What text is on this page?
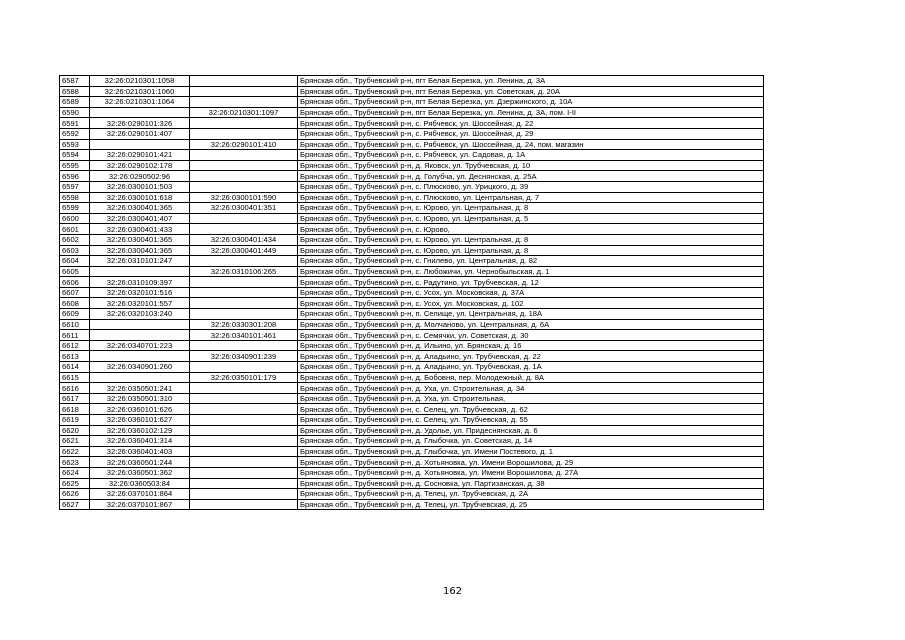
6587	32:26:0210301:1058		Брянская обл., Трубчевский р-н, пгт Белая Березка, ул. Ленина, д. 3А
6588	32:26:0210301:1060		Брянская обл., Трубчевский р-н, пгт Белая Березка, ул. Советская, д. 20А
6589	32:26:0210301:1064		Брянская обл., Трубчевский р-н, пгт Белая Березка, ул. Дзержинского, д. 10А
6590		32:26:0210301:1097	Брянская обл., Трубчевский р-н, пгт Белая Березка, ул. Ленина, д. 3А, пом. I-II
6591	32:26:0290101:326		Брянская обл., Трубчевский р-н, с. Рябчевск, ул. Шоссейная, д. 22
6592	32:26:0290101:407		Брянская обл., Трубчевский р-н, с. Рябчевск, ул. Шоссейная, д. 29
6593		32:26:0290101:410	Брянская обл., Трубчевский р-н, с. Рябчевск, ул. Шоссейная, д. 24, пом. магазин
6594	32:26:0290101:421		Брянская обл., Трубчевский р-н, с. Рябчевск, ул. Садовая, д. 1А
6595	32:26:0290102:178		Брянская обл., Трубчевский р-н, д. Яковск, ул. Трубчевская, д. 10
6596	32:26:0290502:96		Брянская обл., Трубчевский р-н, д. Голубча, ул. Деснянская, д. 25А
6597	32:26:0300101:503		Брянская обл., Трубчевский р-н, с. Плюсково, ул. Урицкого, д. 39
6598	32:26:0300101:618	32:26:0300101:590	Брянская обл., Трубчевский р-н, с. Плюсково, ул. Центральная, д. 7
6599	32:26:0300401:365	32:26:0300401:351	Брянская обл., Трубчевский р-н, с. Юрово, ул. Центральная, д. 8
6600	32:26:0300401:407		Брянская обл., Трубчевский р-н, с. Юрово, ул. Центральная, д. 5
6601	32:26:0300401:433		Брянская обл., Трубчевский р-н, с. Юрово,
6602	32:26:0300401:365	32:26:0300401:434	Брянская обл., Трубчевский р-н, с. Юрово, ул. Центральная, д. 8
6603	32:26:0300401:365	32:26:0300401:449	Брянская обл., Трубчевский р-н, с. Юрово, ул. Центральная, д. 8
6604	32:26:0310101:247		Брянская обл., Трубчевский р-н, с. Гнилево, ул. Центральная, д. 82
6605		32:26:0310106:265	Брянская обл., Трубчевский р-н, с. Любожичи, ул. Чернобыльская, д. 1
6606	32:26:0310109:397		Брянская обл., Трубчевский р-н, с. Радутино, ул. Трубчевская, д. 12
6607	32:26:0320101:516		Брянская обл., Трубчевский р-н, с. Усох, ул. Московская, д. 37А
6608	32:26:0320101:557		Брянская обл., Трубчевский р-н, с. Усох, ул. Московская, д. 102
6609	32:26:0320103:240		Брянская обл., Трубчевский р-н, п. Селище, ул. Центральная, д. 18А
6610		32:26:0330301:208	Брянская обл., Трубчевский р-н, д. Молчаново, ул. Центральная, д. 6А
6611		32:26:0340101:461	Брянская обл., Трубчевский р-н, с. Семячки, ул. Советская, д. 30
6612	32:26:0340701:223		Брянская обл., Трубчевский р-н, д. Ильино, ул. Брянская, д. 16
6613		32:26:0340901:239	Брянская обл., Трубчевский р-н, д. Аладьино, ул. Трубчевская, д. 22
6614	32:26:0340901:260		Брянская обл., Трубчевский р-н, д. Аладьино, ул. Трубчевская, д. 1А
6615		32:26:0350101:179	Брянская обл., Трубчевский р-н, д. Бобовня, пер. Молодежный, д. 8А
6616	32:26:0350501:241		Брянская обл., Трубчевский р-н, д. Уха, ул. Строительная, д. 34
6617	32:26:0350501:310		Брянская обл., Трубчевский р-н, д. Уха, ул. Строительная,
6618	32:26:0360101:626		Брянская обл., Трубчевский р-н, с. Селец, ул. Трубчевская, д. 62
6619	32:26:0360101:627		Брянская обл., Трубчевский р-н, с. Селец, ул. Трубчевская, д. 55
6620	32:26:0360102:129		Брянская обл., Трубчевский р-н, д. Удолье, ул. Придеснянская, д. 6
6621	32:26:0360401:314		Брянская обл., Трубчевский р-н, д. Глыбочка, ул. Советская, д. 14
6622	32:26:0360401:403		Брянская обл., Трубчевский р-н, д. Глыбочка, ул. Имени Постевого, д. 1
6623	32:26:0360501:244		Брянская обл., Трубчевский р-н, д. Хотьяновка, ул. Имени Ворошилова, д. 29
6624	32:26:0360501:362		Брянская обл., Трубчевский р-н, д. Хотьяновка, ул. Имени Ворошилова, д. 27А
6625	32:26:0360503:84		Брянская обл., Трубчевский р-н, д. Сосновка, ул. Партизанская, д. 38
6626	32:26:0370101:864		Брянская обл., Трубчевский р-н, д. Телец, ул. Трубчевская, д. 2А
6627	32:26:0370101:867		Брянская обл., Трубчевский р-н, д. Телец, ул. Трубчевская, д. 25
162
